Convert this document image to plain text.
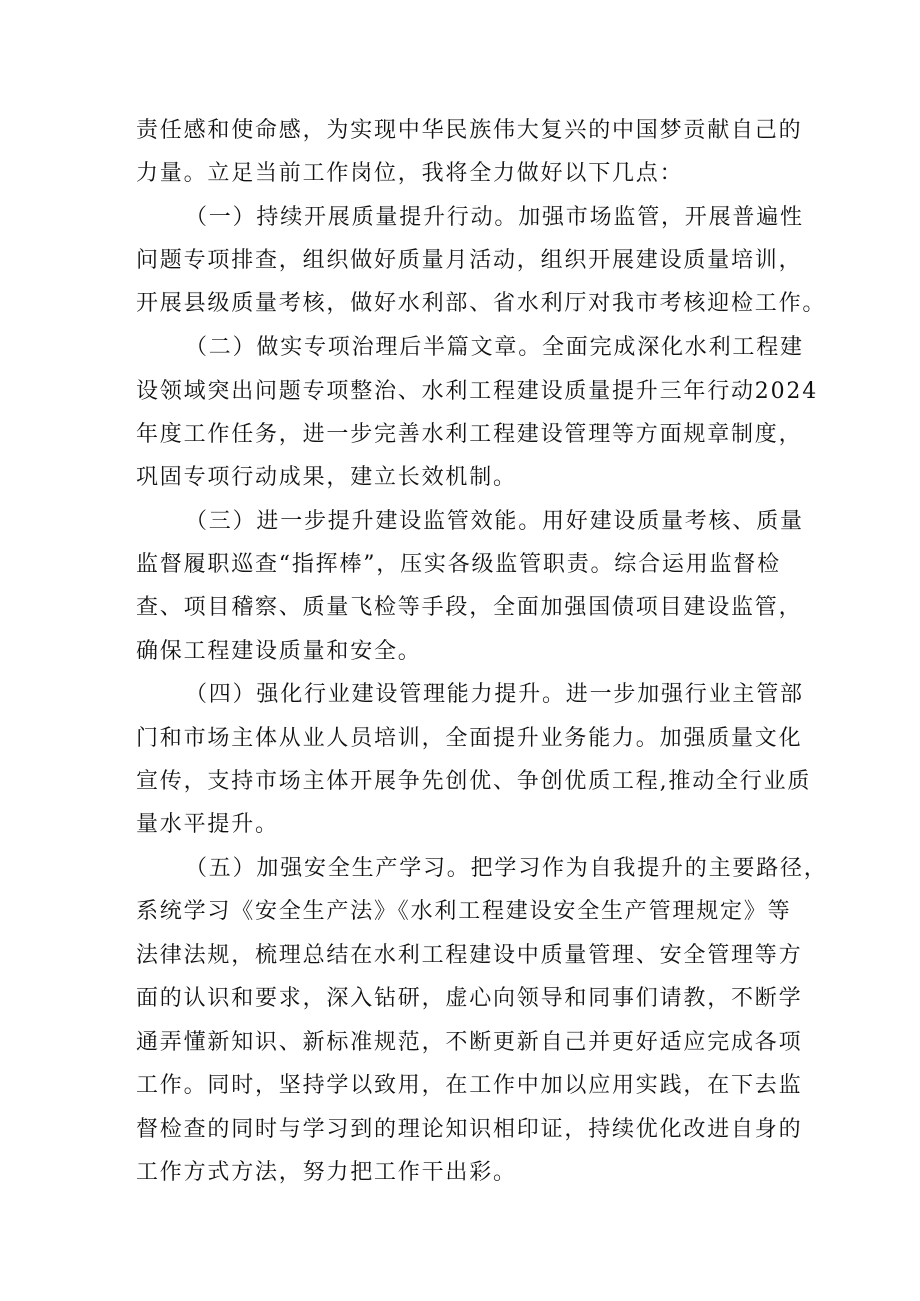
责任感和使命感，为实现中华民族伟大复兴的中国梦贡献自己的
力量。立足当前工作岗位，我将全力做好以下几点：
（一）持续开展质量提升行动。加强市场监管，开展普遍性
问题专项排查，组织做好质量月活动，组织开展建设质量培训，
开展县级质量考核，做好水利部、省水利厅对我市考核迎检工作。
（二）做实专项治理后半篇文章。全面完成深化水利工程建
设领域突出问题专项整治、水利工程建设质量提升三年行动2024
年度工作任务，进一步完善水利工程建设管理等方面规章制度，
巩固专项行动成果，建立长效机制。
（三）进一步提升建设监管效能。用好建设质量考核、质量
监督履职巡查“指挥棒”，压实各级监管职责。综合运用监督检
查、项目稽察、质量飞检等手段，全面加强国债项目建设监管，
确保工程建设质量和安全。
（四）强化行业建设管理能力提升。进一步加强行业主管部
门和市场主体从业人员培训，全面提升业务能力。加强质量文化
宣传，支持市场主体开展争先创优、争创优质工程,推动全行业质
量水平提升。
（五）加强安全生产学习。把学习作为自我提升的主要路径，
系统学习《安全生产法》《水利工程建设安全生产管理规定》等
法律法规，梳理总结在水利工程建设中质量管理、安全管理等方
面的认识和要求，深入钻研，虚心向领导和同事们请教，不断学
通弄懂新知识、新标准规范，不断更新自己并更好适应完成各项
工作。同时，坚持学以致用，在工作中加以应用实践，在下去监
督检查的同时与学习到的理论知识相印证，持续优化改进自身的
工作方式方法，努力把工作干出彩。
